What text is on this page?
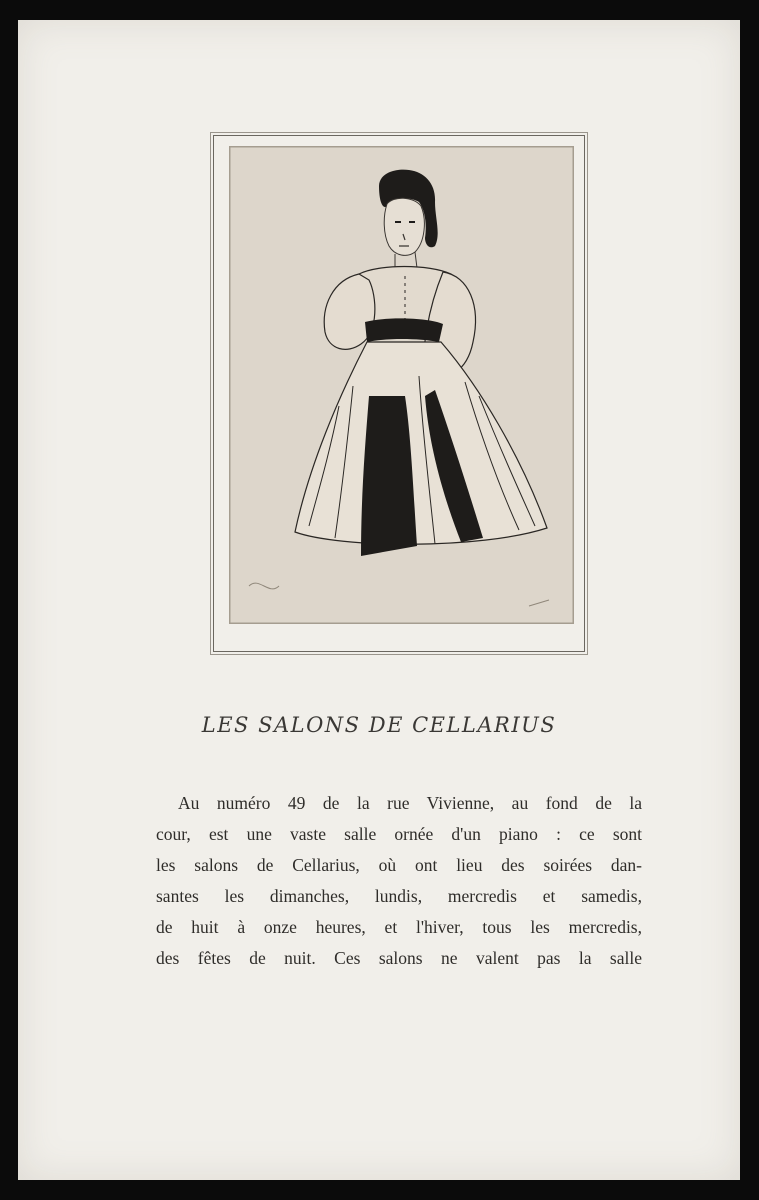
LES SALONS DE CELLARIUS
Au numéro 49 de la rue Vivienne, au fond de la
cour, est une vaste salle ornée d'un piano : ce sont
les salons de Cellarius, où ont lieu des soirées dan-
santes les dimanches, lundis, mercredis et samedis,
de huit à onze heures, et l'hiver, tous les mercredis,
des fêtes de nuit. Ces salons ne valent pas la salle
